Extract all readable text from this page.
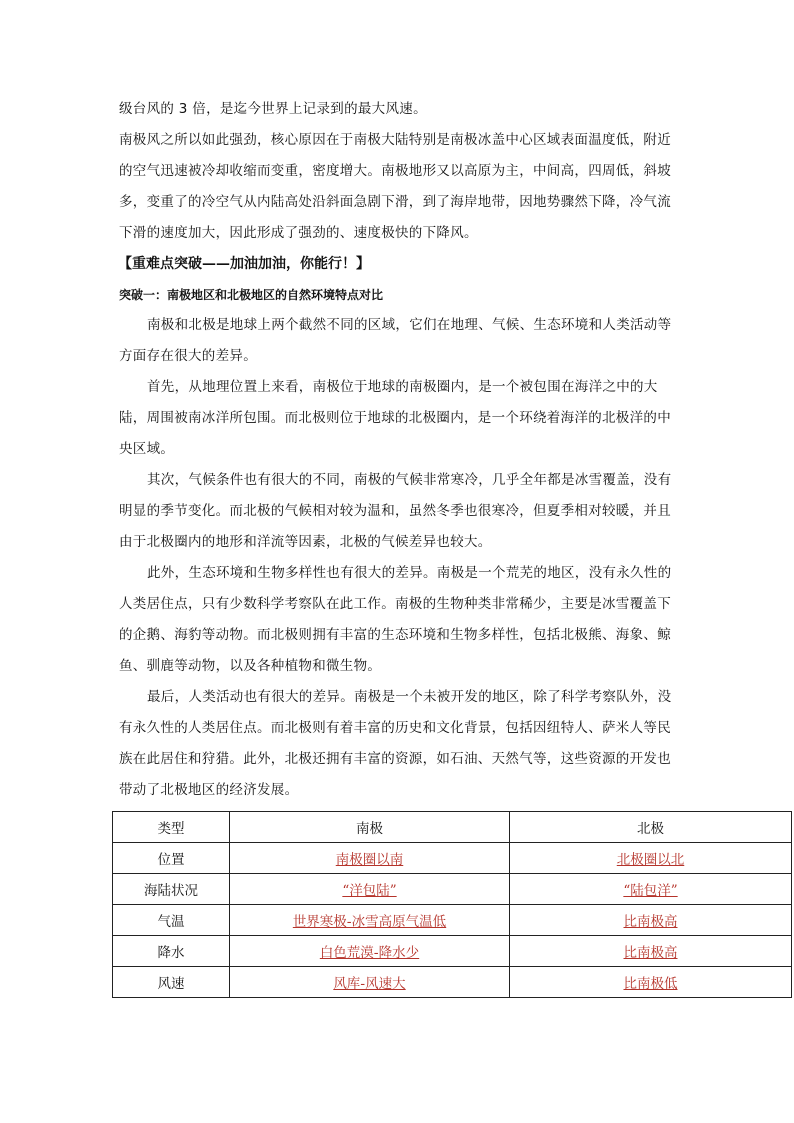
级台风的 3 倍，是迄今世界上记录到的最大风速。

南极风之所以如此强劲，核心原因在于南极大陆特别是南极冰盖中心区域表面温度低，附近的空气迅速被冷却收缩而变重，密度增大。南极地形又以高原为主，中间高，四周低，斜坡多，变重了的冷空气从内陆高处沿斜面急剧下滑，到了海岸地带，因地势骤然下降，冷气流下滑的速度加大，因此形成了强劲的、速度极快的下降风。

【重难点突破——加油加油，你能行！】

突破一：南极地区和北极地区的自然环境特点对比

南极和北极是地球上两个截然不同的区域，它们在地理、气候、生态环境和人类活动等方面存在很大的差异。

首先，从地理位置上来看，南极位于地球的南极圈内，是一个被包围在海洋之中的大陆，周围被南冰洋所包围。而北极则位于地球的北极圈内，是一个环绕着海洋的北极洋的中央区域。

其次，气候条件也有很大的不同，南极的气候非常寒冷，几乎全年都是冰雪覆盖，没有明显的季节变化。而北极的气候相对较为温和，虽然冬季也很寒冷，但夏季相对较暖，并且由于北极圈内的地形和洋流等因素，北极的气候差异也较大。

此外，生态环境和生物多样性也有很大的差异。南极是一个荒芜的地区，没有永久性的人类居住点，只有少数科学考察队在此工作。南极的生物种类非常稀少，主要是冰雪覆盖下的企鹅、海豹等动物。而北极则拥有丰富的生态环境和生物多样性，包括北极熊、海象、鲸鱼、驯鹿等动物，以及各种植物和微生物。

最后，人类活动也有很大的差异。南极是一个未被开发的地区，除了科学考察队外，没有永久性的人类居住点。而北极则有着丰富的历史和文化背景，包括因纽特人、萨米人等民族在此居住和狩猎。此外，北极还拥有丰富的资源，如石油、天然气等，这些资源的开发也带动了北极地区的经济发展。

类型	南极	北极
位置	南极圈以南	北极圈以北
海陆状况	“洋包陆”	“陆包洋”
气温	世界寒极-冰雪高原气温低	比南极高
降水	白色荒漠-降水少	比南极高
风速	风库-风速大	比南极低
